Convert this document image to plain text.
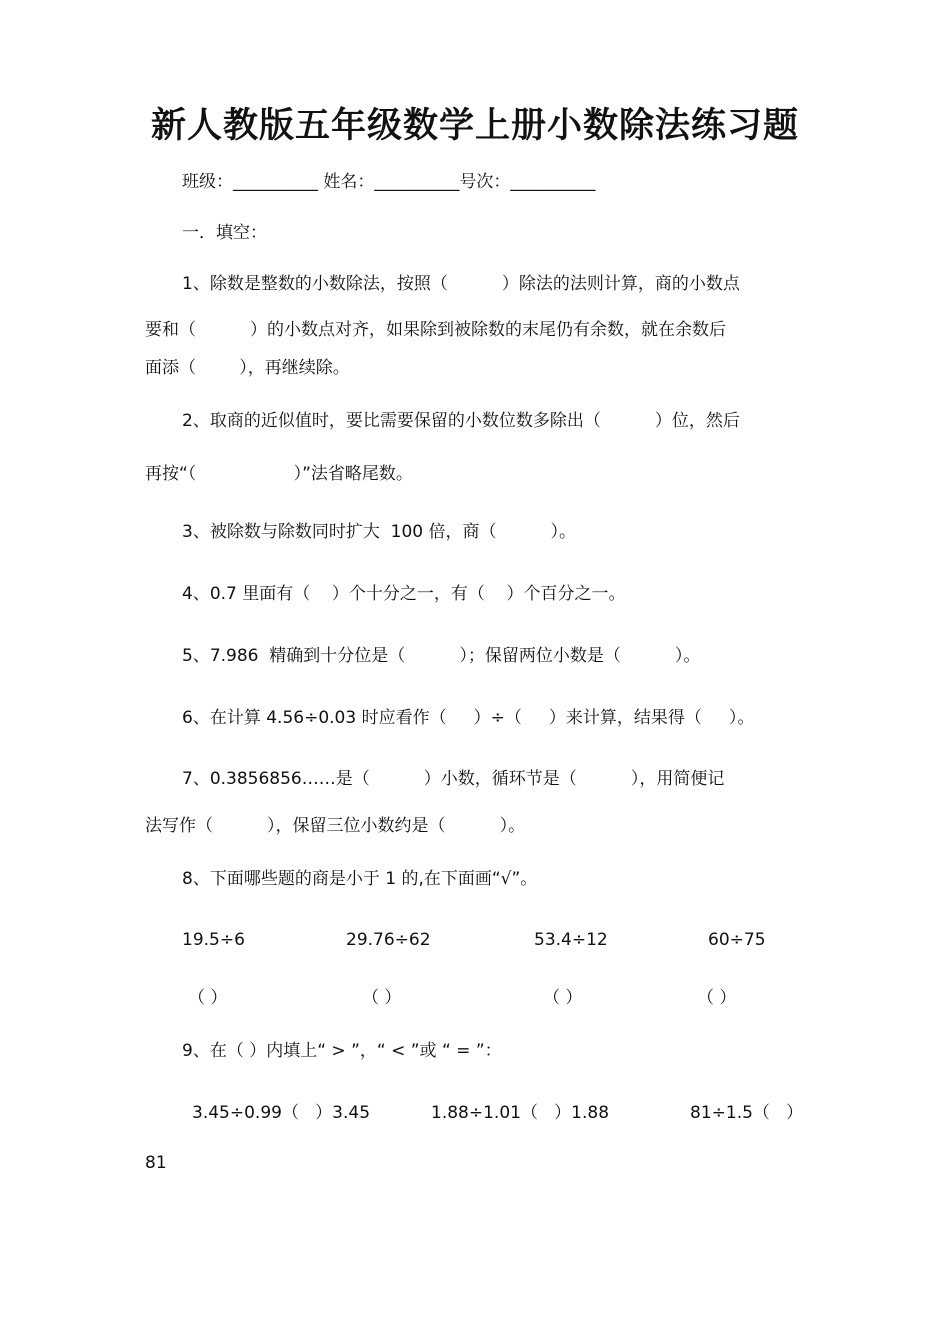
新人教版五年级数学上册小数除法练习题
班级：__________ 姓名：__________号次：__________
一．填空：
1、除数是整数的小数除法，按照（          ）除法的法则计算，商的小数点
要和（          ）的小数点对齐，如果除到被除数的末尾仍有余数，就在余数后
面添（        ），再继续除。
2、取商的近似值时，要比需要保留的小数位数多除出（          ）位，然后
再按“（                  ）”法省略尾数。
3、被除数与除数同时扩大  100 倍，商（          ）。
4、0.7 里面有（    ）个十分之一，有（    ）个百分之一。
5、7.986  精确到十分位是（          ）；保留两位小数是（          ）。
6、在计算 4.56÷0.03 时应看作（     ）÷（     ）来计算，结果得（     ）。
7、0.3856856……是（          ）小数，循环节是（          ），用简便记
法写作（          ），保留三位小数约是（          ）。
8、下面哪些题的商是小于 1 的,在下面画“√”。
19.5÷6	29.76÷62	53.4÷12	60÷75
（ ）	（ ）	（ ）	（ ）
9、在（ ）内填上“ > ”，“ < ”或 “ = ”：
3.45÷0.99（   ）3.45	1.88÷1.01（   ）1.88	81÷1.5（   ）
81
